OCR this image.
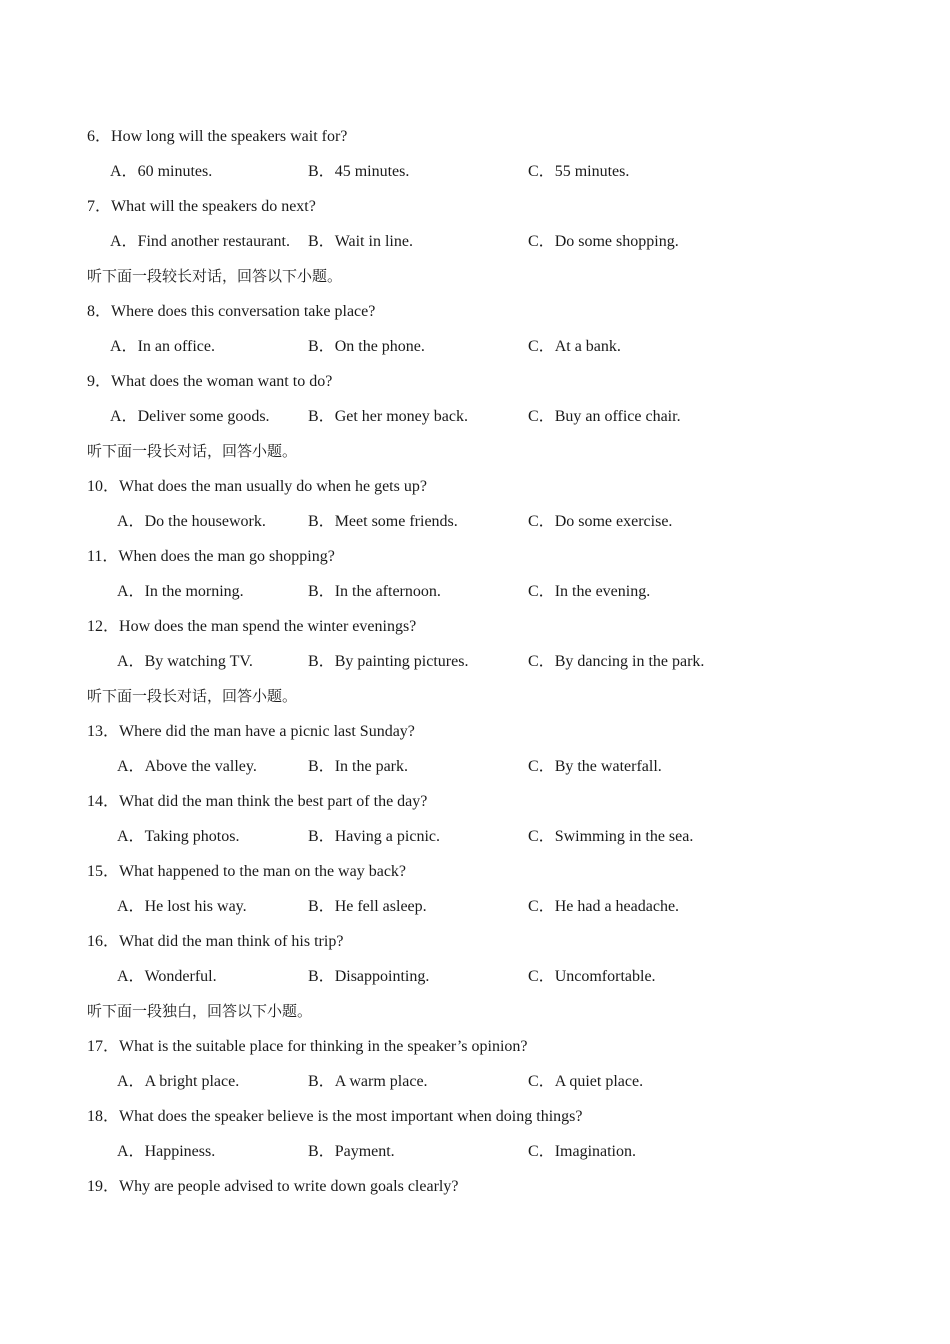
6．How long will the speakers wait for?
A．60 minutes.	B．45 minutes.	C．55 minutes.
7．What will the speakers do next?
A．Find another restaurant. B．Wait in line.	C．Do some shopping.
听下面一段较长对话，回答以下小题。
8．Where does this conversation take place?
A．In an office.	B．On the phone.	C．At a bank.
9．What does the woman want to do?
A．Deliver some goods. B．Get her money back.	C．Buy an office chair.
听下面一段长对话，回答小题。
10．What does the man usually do when he gets up?
A．Do the housework.	B．Meet some friends.	C．Do some exercise.
11．When does the man go shopping?
A．In the morning.	B．In the afternoon.	C．In the evening.
12．How does the man spend the winter evenings?
A．By watching TV.	B．By painting pictures.	C．By dancing in the park.
听下面一段长对话，回答小题。
13．Where did the man have a picnic last Sunday?
A．Above the valley.	B．In the park.	C．By the waterfall.
14．What did the man think the best part of the day?
A．Taking photos.	B．Having a picnic.	C．Swimming in the sea.
15．What happened to the man on the way back?
A．He lost his way.	B．He fell asleep.	C．He had a headache.
16．What did the man think of his trip?
A．Wonderful.	B．Disappointing.	C．Uncomfortable.
听下面一段独白，回答以下小题。
17．What is the suitable place for thinking in the speaker’s opinion?
A．A bright place.	B．A warm place.	C．A quiet place.
18．What does the speaker believe is the most important when doing things?
A．Happiness.	B．Payment.	C．Imagination.
19．Why are people advised to write down goals clearly?
